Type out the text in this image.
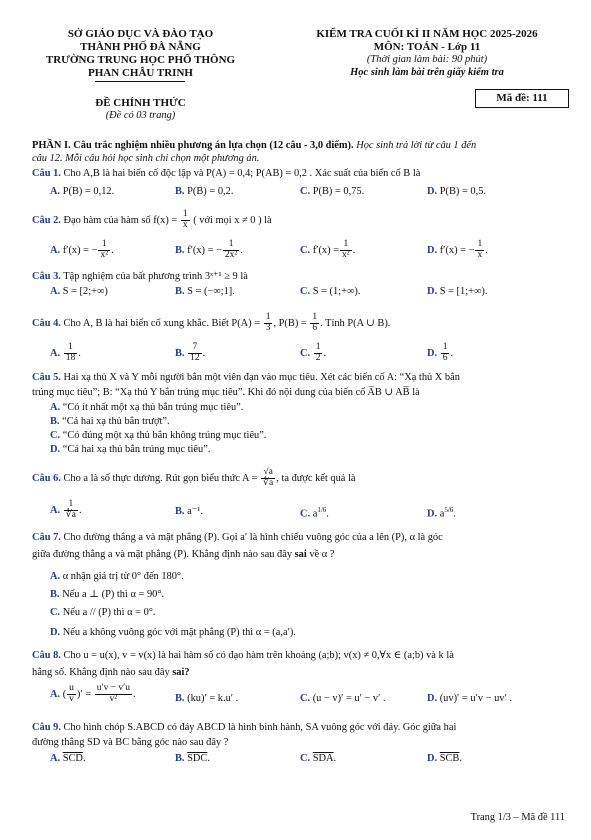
SỞ GIÁO DỤC VÀ ĐÀO TẠO
THÀNH PHỐ ĐÀ NẴNG
TRƯỜNG TRUNG HỌC PHỔ THÔNG
PHAN CHÂU TRINH
KIỂM TRA CUỐI KÌ II NĂM HỌC 2025-2026
MÔN: TOÁN - Lớp 11
(Thời gian làm bài: 90 phút)
Học sinh làm bài trên giấy kiểm tra
ĐỀ CHÍNH THỨC
(Đề có 03 trang)
Mã đề: 111
PHẦN I. Câu trắc nghiệm nhiều phương án lựa chọn (12 câu - 3,0 điểm). Học sinh trả lời từ câu 1 đến
câu 12. Mỗi câu hỏi học sinh chỉ chọn một phương án.
Câu 1. Cho A,B là hai biến cố độc lập và P(A) = 0,4; P(AB) = 0,2 . Xác suất của biến cố B là
A. P(B) = 0,12.	B. P(B) = 0,2.	C. P(B) = 0,75.	D. P(B) = 0,5.
Câu 2. Đạo hàm của hàm số $f(x) = \frac{1}{x}$ ( với mọi x ≠ 0 ) là
A. f′(x) = − $\frac{1}{\text{x²}}$ .	B. f′(x) = − $\frac{1}{\text{2x²}}$ .	C. $f'(x) = \frac{1}{\text{x²}}$ .	D. f′(x) = − $\frac{1}{x}$ .
Câu 3. Tập nghiệm của bất phương trình 3ˣ⁺¹ ≥ 9 là
A. S = [2;+∞)	B. S = (−∞;1].	C. S = (1;+∞).	D. S = [1;+∞).
Câu 4. Cho A, B là hai biến cố xung khắc. Biết $P(A) = \frac{1}{3}$ , $P(B) = \frac{1}{6}$ . Tính P(A ∪ B).
A. $\frac{1}{18}$ .	B. $\frac{7}{12}$ .	C. $\frac{1}{2}$ .	D. $\frac{1}{6}$ .
Câu 5. Hai xạ thủ X và Y mỗi người bắn một viên đạn vào mục tiêu. Xét các biến cố A: “Xạ thủ X bắn
trúng mục tiêu”; B: “Xạ thủ Y bắn trúng mục tiêu”. Khi đó nội dung của biến cố A̅B ∪ AB̅ là
A. “Có ít nhất một xạ thủ bắn trúng mục tiêu”.
B. “Cả hai xạ thủ bắn trượt”.
C. “Có đúng một xạ thủ bắn không trúng mục tiêu”.
D. “Cả hai xạ thủ bắn trúng mục tiêu”.
Câu 6. Cho a là số thực dương. Rút gọn biểu thức $A = \frac{√a}{∜a}$ , ta được kết quả là
A. $\frac{1}{∜a}$ .	B. a⁻¹.	C. $a^{1/6}$.	D. $a^{5/6}$.
Câu 7. Cho đường thẳng a và mặt phẳng (P). Gọi a′ là hình chiếu vuông góc của a lên (P), α là góc
giữa đường thẳng a và mặt phẳng (P). Khẳng định nào sau đây sai về α ?
A. α nhận giá trị từ 0° đến 180°.
B. Nếu a ⊥ (P) thì α = 90°.
C. Nếu a // (P) thì α = 0°.
D. Nếu a không vuông góc với mặt phẳng (P) thì α = (a,a′).
Câu 8. Cho u = u(x), v = v(x) là hai hàm số có đạo hàm trên khoảng (a;b); v(x) ≠ 0,∀x ∈ (a;b) và k là
hằng số. Khẳng định nào sau đây sai?
A. ( $\frac{u}{v}$ )′ = $\frac{u'v - v'u}{\text{v²}}$ .	B. (ku)′ = k.u′ .	C. (u − v)′ = u′ − v′ .	D. (uv)′ = u′v − uv′ .
Câu 9. Cho hình chóp S.ABCD có đáy ABCD là hình bình hành, SA vuông góc với đáy. Góc giữa hai
đường thẳng SD và BC bằng góc nào sau đây ?
A. $\overline{SCD}$.	B. $\overline{SDC}$.	C. $\overline{SDA}$.	D. $\overline{SCB}$.
Trang 1/3 – Mã đề 111
